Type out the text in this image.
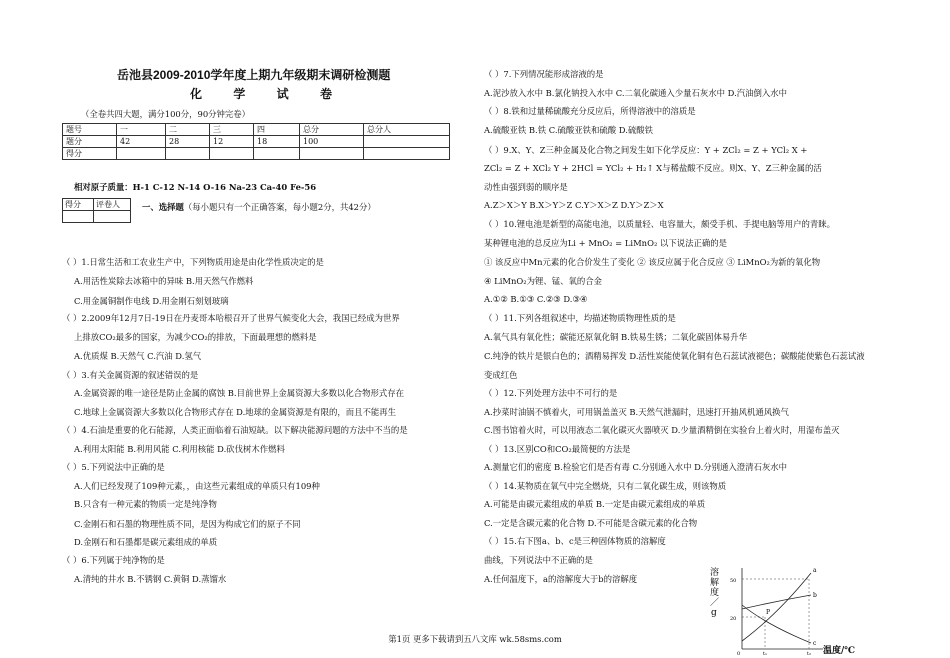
岳池县2009-2010学年度上期九年级期末调研检测题
化 学 试 卷
（全卷共四大题，满分100分，90分钟完卷）
题号	一	二	三	四	总分	总分人
题分	42	28	12	18	100	
得分						
相对原子质量：H-1 C-12 N-14 O-16 Na-23 Ca-40 Fe-56
得分	评卷人
		一、选择题（每小题只有一个正确答案，每小题2分，共42分）
（ ）1.日常生活和工农业生产中，下列物质用途是由化学性质决定的是
A.用活性炭除去冰箱中的异味 B.用天然气作燃料
C.用金属铜制作电线 D.用金刚石刻划玻璃
（ ）2.2009年12月7日-19日在丹麦哥本哈根召开了世界气候变化大会，我国已经成为世界
上排放CO₂最多的国家，为减少CO₂的排放，下面最理想的燃料是
A.优质煤 B.天然气 C.汽油 D.氢气
（ ）3.有关金属资源的叙述错误的是
A.金属资源的唯一途径是防止金属的腐蚀 B.目前世界上金属资源大多数以化合物形式存在
C.地球上金属资源大多数以化合物形式存在 D.地球的金属资源是有限的，而且不能再生
（ ）4.石油是重要的化石能源，人类正面临着石油短缺。以下解决能源问题的方法中不当的是
A.利用太阳能 B.利用风能 C.利用核能 D.砍伐树木作燃料
（ ）5.下列说法中正确的是
A.人们已经发现了109种元素，，由这些元素组成的单质只有109种
B.只含有一种元素的物质一定是纯净物
C.金刚石和石墨的物理性质不同，是因为构成它们的原子不同
D.金刚石和石墨都是碳元素组成的单质
（ ）6.下列属于纯净物的是
A.清纯的井水 B.不锈钢 C.黄铜 D.蒸馏水
（ ）7.下列情况能形成溶液的是
A.泥沙放入水中 B.氯化钠投入水中 C.二氧化碳通入少量石灰水中 D.汽油倒入水中
（ ）8.铁和过量稀硫酸充分反应后，所得溶液中的溶质是
A.硫酸亚铁 B.铁 C.硫酸亚铁和硫酸 D.硫酸铁
（ ）9.X、Y、Z三种金属及化合物之间发生如下化学反应：Y + ZCl₂ = Z + YCl₂ X +
ZCl₂ = Z + XCl₂ Y + 2HCl = YCl₂ + H₂↑ X与稀盐酸不反应。则X、Y、Z三种金属的活
动性由强到弱的顺序是
A.Z＞X＞Y B.X＞Y＞Z C.Y＞X＞Z D.Y＞Z＞X
（ ）10.锂电池是新型的高能电池，以质量轻、电容量大，颇受手机、手提电脑等用户的青睐。
某种锂电池的总反应为Li + MnO₂ = LiMnO₂ 以下说法正确的是
① 该反应中Mn元素的化合价发生了变化 ② 该反应属于化合反应 ③ LiMnO₂为新的氧化物
④ LiMnO₂为锂、锰、氧的合金
A.①② B.①③ C.②③ D.③④
（ ）11.下列各组叙述中，均描述物质物理性质的是
A.氧气具有氧化性；碳能还原氧化铜 B.铁易生锈；二氧化碳固体易升华
C.纯净的铁片是银白色的；酒精易挥发 D.活性炭能使氧化铜有色石蕊试液褪色；碳酸能使紫色石蕊试液
变成红色
（ ）12.下列处理方法中不可行的是
A.抄菜时油锅不慎着火，可用锅盖盖灭 B.天然气泄漏时，迅速打开抽风机通风换气
C.图书馆着火时，可以用液态二氧化碳灭火器喷灭 D.少量酒精倒在实验台上着火时，用湿布盖灭
（ ）13.区别CO和CO₂最简便的方法是
A.测量它们的密度 B.检验它们是否有毒 C.分别通入水中 D.分别通入澄清石灰水中
（ ）14.某物质在氧气中完全燃烧，只有二氧化碳生成，则该物质
A.可能是由碳元素组成的单质 B.一定是由碳元素组成的单质
C.一定是含碳元素的化合物 D.不可能是含碳元素的化合物
（ ）15.右下图a、b、c是三种固体物质的溶解度
曲线，下列说法中不正确的是
A.任何温度下，a的溶解度大于b的溶解度
溶
解
度
／
g
50
20
0	t₁	t₂
a
b
c
P
温度/℃
第1页 更多下载请到五八文库 wk.58sms.com
